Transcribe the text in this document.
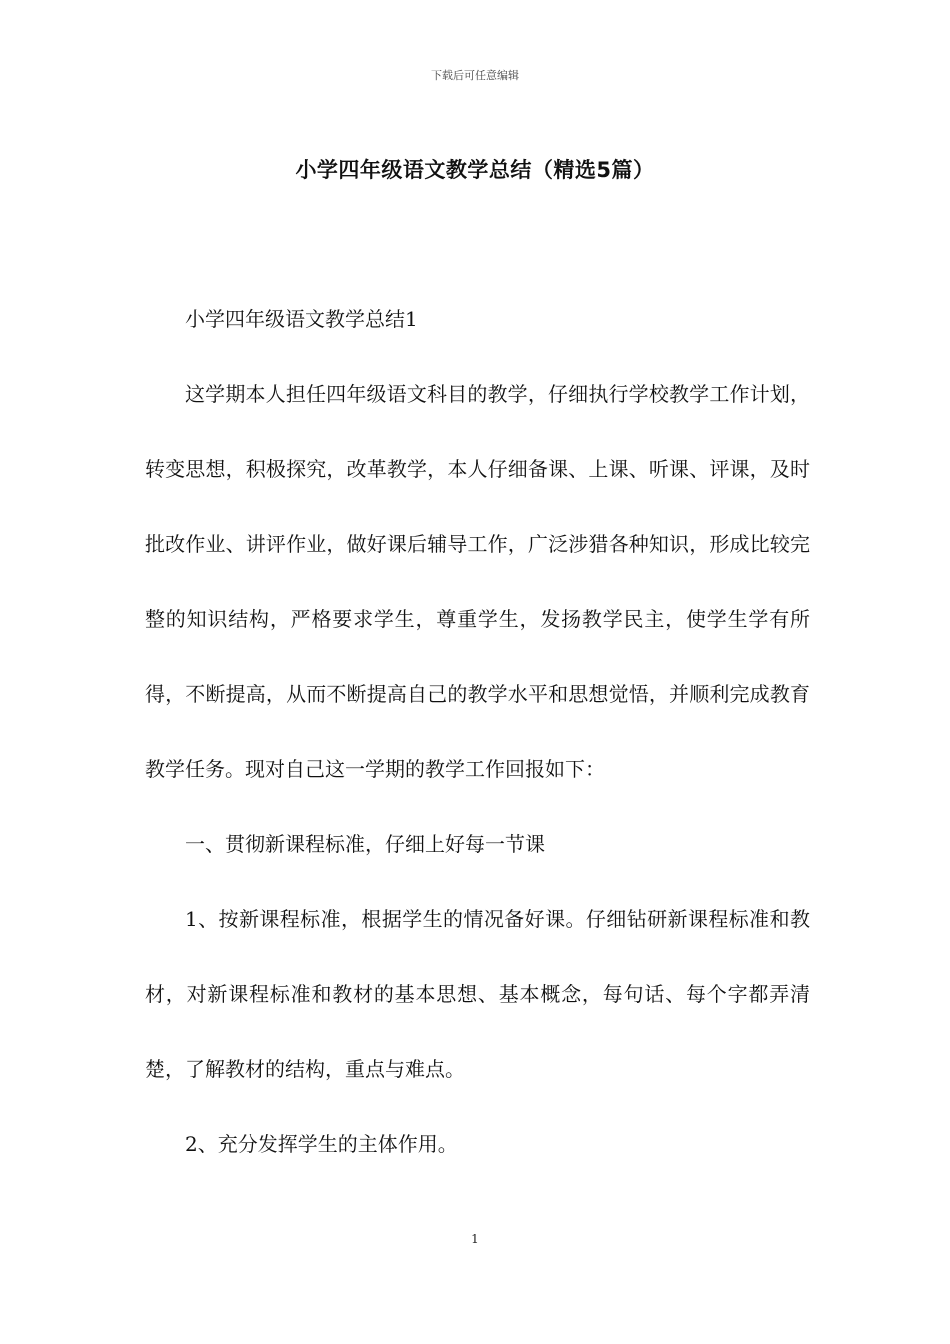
下载后可任意编辑
小学四年级语文教学总结（精选5篇）

小学四年级语文教学总结1

这学期本人担任四年级语文科目的教学，仔细执行学校教学工作计划，转变思想，积极探究，改革教学，本人仔细备课、上课、听课、评课，及时批改作业、讲评作业，做好课后辅导工作，广泛涉猎各种知识，形成比较完整的知识结构，严格要求学生，尊重学生，发扬教学民主，使学生学有所得，不断提高，从而不断提高自己的教学水平和思想觉悟，并顺利完成教育教学任务。现对自己这一学期的教学工作回报如下：

一、贯彻新课程标准，仔细上好每一节课

1、按新课程标准，根据学生的情况备好课。仔细钻研新课程标准和教材，对新课程标准和教材的基本思想、基本概念，每句话、每个字都弄清楚，了解教材的结构，重点与难点。

2、充分发挥学生的主体作用。

1
